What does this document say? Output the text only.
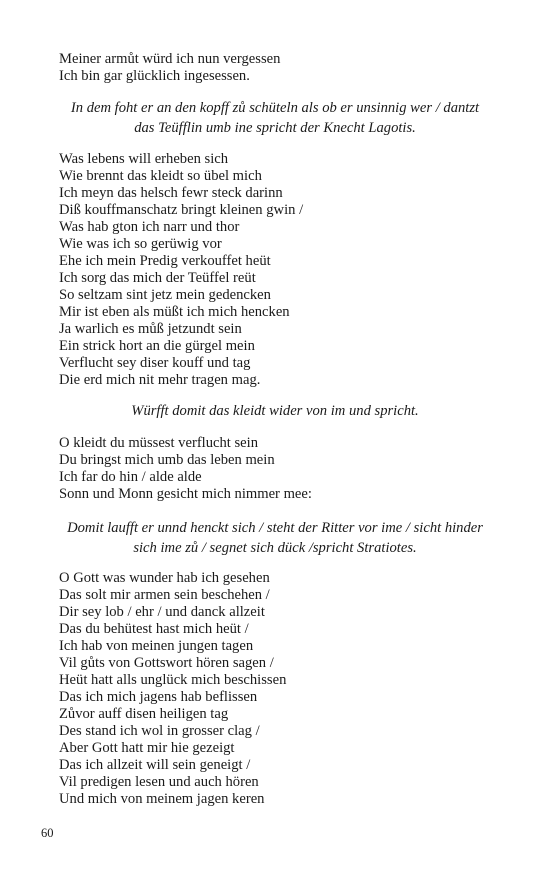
Meiner armůt würd ich nun vergessen
Ich bin gar glücklich ingesessen.
In dem foht er an den kopff zů schüteln als ob er unsinnig wer / dantzt
das Teüfflin umb ine spricht der Knecht Lagotis.
Was lebens will erheben sich
Wie brennt das kleidt so übel mich
Ich meyn das helsch fewr steck darinn
Diß kouffmanschatz bringt kleinen gwin /
Was hab gton ich narr und thor
Wie was ich so gerüwig vor
Ehe ich mein Predig verkouffet heüt
Ich sorg das mich der Teüffel reüt
So seltzam sint jetz mein gedencken
Mir ist eben als müßt ich mich hencken
Ja warlich es můß jetzundt sein
Ein strick hort an die gürgel mein
Verflucht sey diser kouff und tag
Die erd mich nit mehr tragen mag.
Würfft domit das kleidt wider von im und spricht.
O kleidt du müssest verflucht sein
Du bringst mich umb das leben mein
Ich far do hin / alde alde
Sonn und Monn gesicht mich nimmer mee:
Domit laufft er unnd henckt sich / steht der Ritter vor ime / sicht hinder
sich ime zů / segnet sich dück /spricht Stratiotes.
O Gott was wunder hab ich gesehen
Das solt mir armen sein beschehen /
Dir sey lob / ehr / und danck allzeit
Das du behütest hast mich heüt /
Ich hab von meinen jungen tagen
Vil gůts von Gottswort hören sagen /
Heüt hatt alls unglück mich beschissen
Das ich mich jagens hab beflissen
Zůvor auff disen heiligen tag
Des stand ich wol in grosser clag /
Aber Gott hatt mir hie gezeigt
Das ich allzeit will sein geneigt /
Vil predigen lesen und auch hören
Und mich von meinem jagen keren
60
